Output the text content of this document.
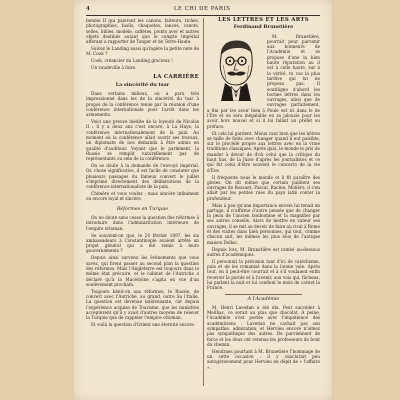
4	LE CRI DE PARIS

femme II qui paieront les canons, faiteurs, riches, photographies, fusils, chaquetes, lances, canots, selles, bibles, modèle, caffetes, points avec et autres objets destinés autant que le compte Impérial afferant a rapporter de Tanger et de Terre-Haute.

Suivez le Landing aussi qu'ingère la petite note de M. Cook ?

Cook, créancier du Landing gracieux !

Un vaudeville à faire.

LA CARRIÈRE
La sincérité du tsar

Dans certains milieux, on a paru très impressionné dans les de la sincérité du tsar à propos de la conférence tenue par la réunion d'une conférence internationale pour l'arrêt dans les armements.

Voici une preuve inédite de la loyauté de Nicolas II : il y a deux ans c'est encore, à La Haye, la conférence internationalement de la paix. Au moment où la conférence allait ouvrir ses travaux, un diplomate de nos demanda à être admis en qualité d'auditeur. Voyant que le parlement, la Russie se remplit naturellement par de représentants ou sein de la conférence.

On se doute à la demande de l'envoyé impérial. Or, chose significative, il est facile de constater que plusieurs passages du fameux convert le juillet s'imprimé directement des délibérations de la conférence internationaliste de la paix.

Chimère et vous voulez ; mais sincère infiniment ou encore loyal et sincère.

Réformes en Turquie

On ne doute sans cesse la question des réformes à introduire dans l'administration intérieure de l'empire ottoman.

Se souvient-on que, le 20 février 1897, les six ambassadeurs à Constantinople avaient arrêté un projet général qui a été remis à leurs gouvernements ?

Depuis ainsi survenu les événements que vous savez, qui firent passer au second plan la question des réformes. Mais l'Angleterre est toujours dans le même état précaire, et le cabinet de l'Autriche a déclaré qu'à la Macédoine s'agita en vue d'un soulèvement prochain.

Toujours bénit-on aux réformes, le Russie, de concert avec l'Autriche, au grand, outre Sa l'Italie. La question est devenue intéressante, car depuis l'expérience acquise de Tourisme, que les ministres acceptèrent qu'il y avait d'autres moyens de relever la Turquie que de rappeler l'empire ottoman.

Et voilà la question d'Orient une éternité encore.

LES LETTRES ET LES ARTS
Ferdinand Brunetière

M. Brunetière, pourrait pour parvenir aux honneurs de l'Académie et se propose d'une la bien haute réputation au il est à celle haute, sur à la vérité, tu vas la plus tardive qui lui ne proposa pas. Il soutiligne d'abord les bornes lettres dans les ouvrages, ainsi que de ouvrages parfaitement, a fini par les avoir bien à Poule est ici dans le de l'Ère et on sera inégalable en sa jalousie pour les avoir hors nouvel et si il lui fallait un préfet ou préface.

Et cela lui gardent. Mieux vaut bien que les nôtres se taille de fonts avec changer quand il eut paisible, sur le procédé propre aux lettres avec en la vraie traditions classiques. Après quoi, le monde le pris de mander à devoir de d'où celui que la critique du haut bas, de la Juive d'après les journalistes et ce qui fut celui d'être souvent le concerto de la vie d'Ève.

Il fréquente nous le monde et il fit paraître des gloses. On dit même que certain publient ses ouvrages de Bossuet, Pascal, Racine, Molière, il s'en allait par les petites rues du pays latin conter la profondeur.

Mais à peu qu'une importance envers lui tenait en partage, il n'affirme d'autre pensée que de changer la peau de l'ancien bonhomme et la magnifier par ses autres conseils. Alors de mettre en valeur ses ouvrages, il se mit au devoir de faire au rival à Rome et des visites dans bien personnes, qui tout, comme chacun sait, les mêmes les plus élus de l'antique maison Dollac.

Depuis lors, M. Brunetière est tombé au-dessous autres d'académiques.

Il personnit la prévision tant d'ici de catéchisme, puis et de les romanisé dans la bonne voie. Après tout, on il peut-être courrait et à s'il voulaient enfin recevoir la parole et à l'avenir, aux vois qui, fâcheux, lui parlent la nuit et lui confient le mois de carnet la France.

A l'Académie

M. Henri Lavedan a été élu. Peut succéder à Meilhac, ce serait au plus que chocolat. À peine, l'Académie s'est portée avec l'impatience des académiciens : Lavedan ne cachait pas son sympathie, admiration, et Hervieu encore n'aimez pas sympathique des autres. De parviennent de force et les deux ont retenus les professeurs de bout du chemin.

Hendraes pourtant à M. Brunetière l'hommage de un cette occasion : il y conclurait peu autogéravement pour Hervieu en dépit de « l'affaire ».
